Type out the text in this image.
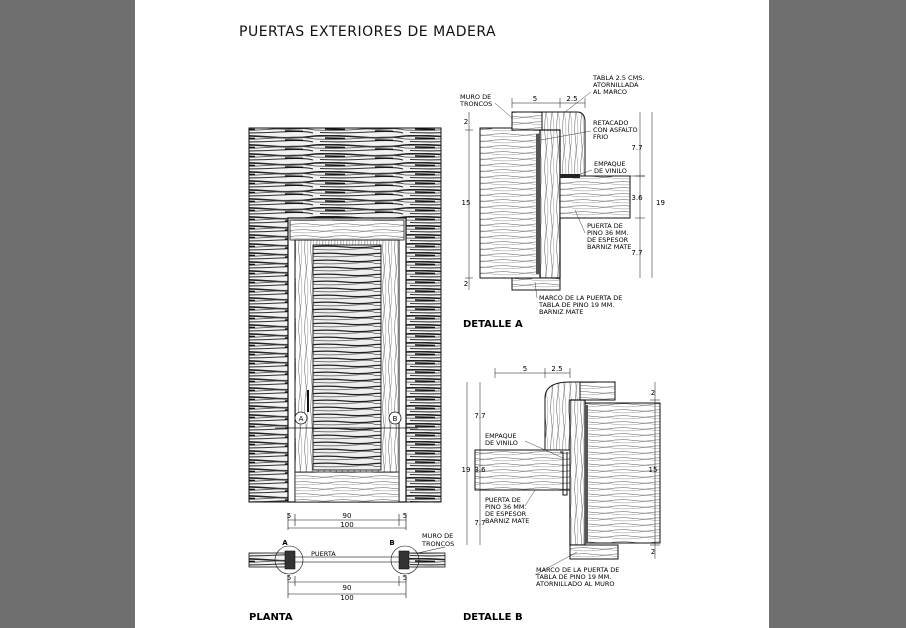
PUERTAS EXTERIORES DE MADERA
A	B
5	90	5
100
A	B
PUERTA
MURO DE
TRONCOS
5
90
5
100
PLANTA
5	2.5
2
15
2
7.7
3.6
7.7
19
MURO DE
TRONCOS
TABLA 2.5 CMS.
ATORNILLADA
AL MARCO
RETACADO
CON ASFALTO
FRIO
EMPAQUE
DE VINILO
PUERTA DE
PINO 36 MM.
DE ESPESOR
BARNIZ MATE
MARCO DE LA PUERTA DE
TABLA DE PINO 19 MM.
BARNIZ MATE
DETALLE A
5	2.5
7.7
3.6
7.7
19
2
15
2
EMPAQUE
DE VINILO
PUERTA DE
PINO 36 MM.
DE ESPESOR
BARNIZ MATE
MARCO DE LA PUERTA DE
TABLA DE PINO 19 MM.
ATORNILLADO AL MURO
DETALLE B
